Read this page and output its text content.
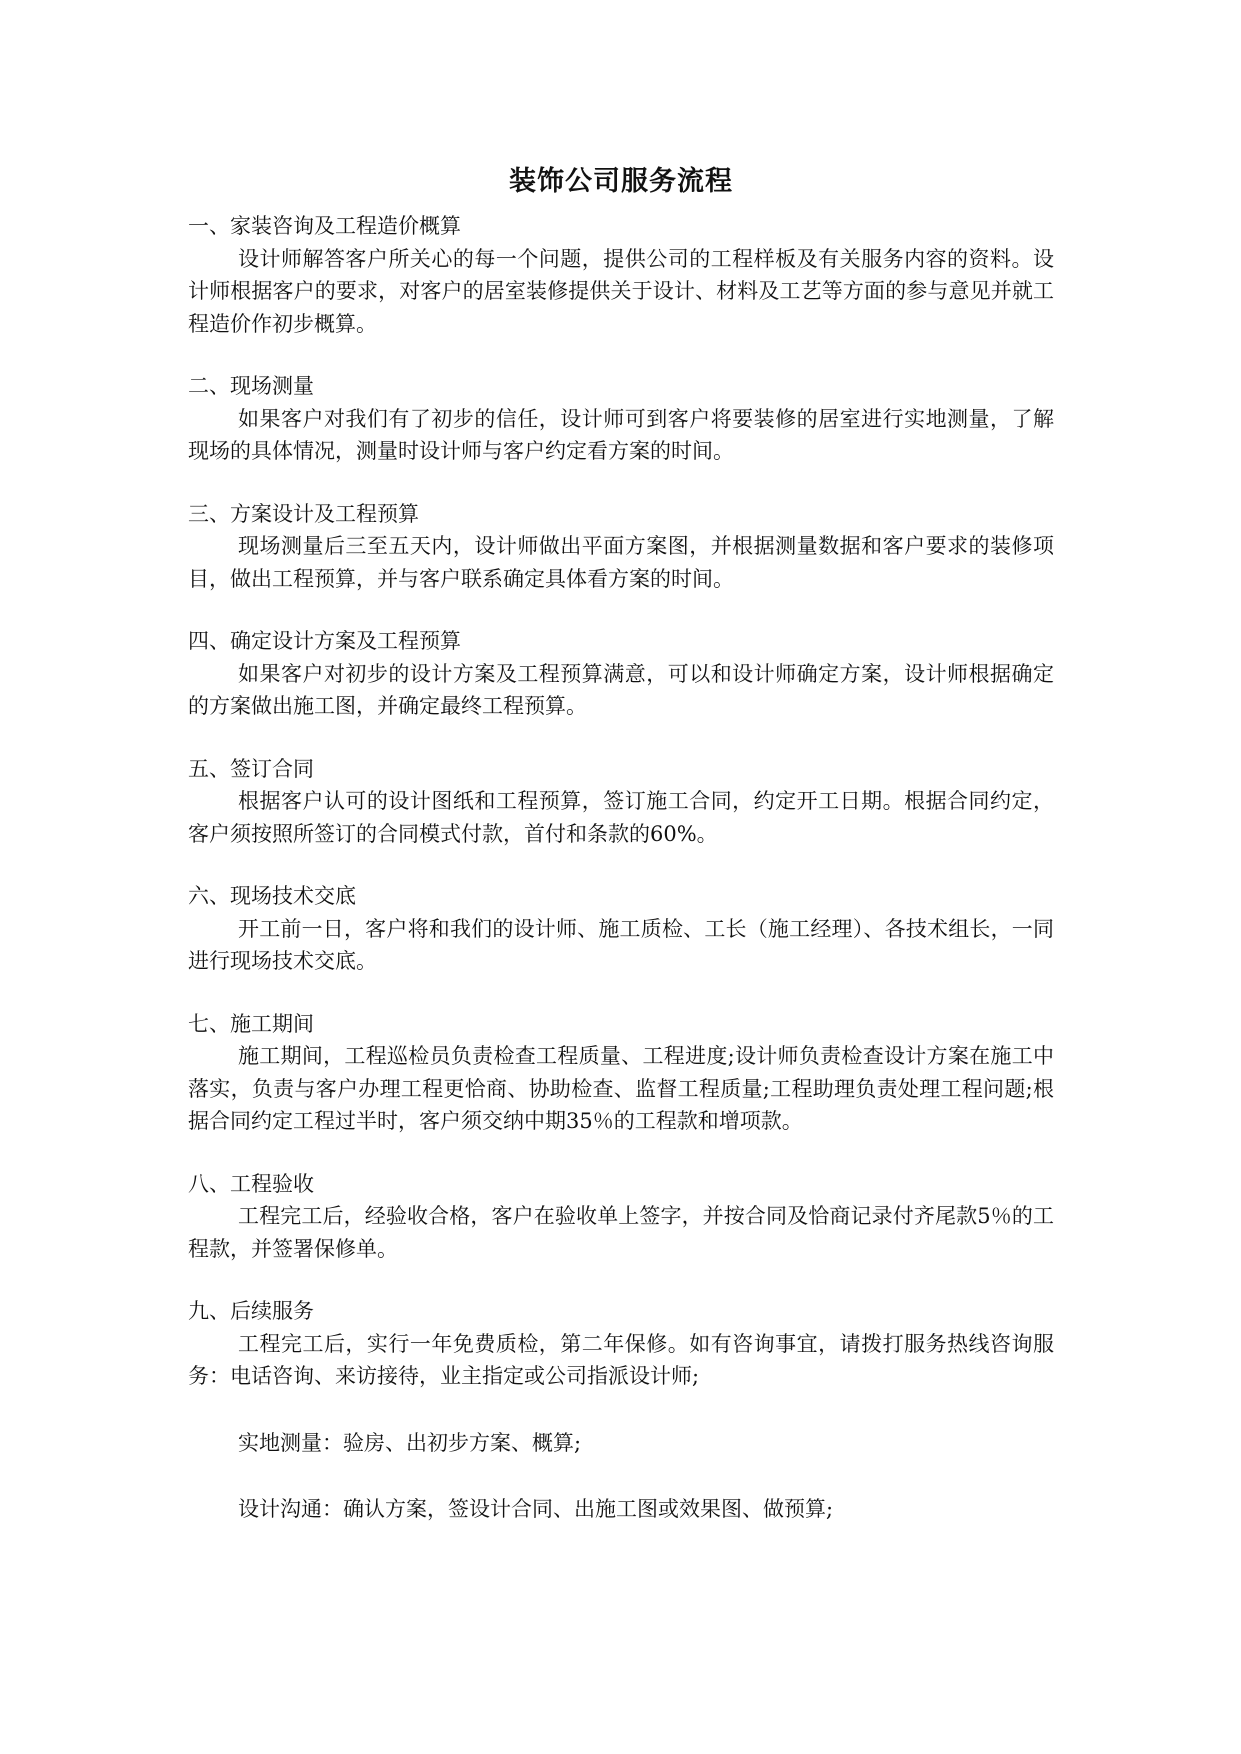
装饰公司服务流程
一、家装咨询及工程造价概算
设计师解答客户所关心的每一个问题，提供公司的工程样板及有关服务内容的资料。设计师根据客户的要求，对客户的居室装修提供关于设计、材料及工艺等方面的参与意见并就工程造价作初步概算。
二、现场测量
如果客户对我们有了初步的信任，设计师可到客户将要装修的居室进行实地测量，了解现场的具体情况，测量时设计师与客户约定看方案的时间。
三、方案设计及工程预算
现场测量后三至五天内，设计师做出平面方案图，并根据测量数据和客户要求的装修项目，做出工程预算，并与客户联系确定具体看方案的时间。
四、确定设计方案及工程预算
如果客户对初步的设计方案及工程预算满意，可以和设计师确定方案，设计师根据确定的方案做出施工图，并确定最终工程预算。
五、签订合同
根据客户认可的设计图纸和工程预算，签订施工合同，约定开工日期。根据合同约定，客户须按照所签订的合同模式付款，首付和条款的60%。
六、现场技术交底
开工前一日，客户将和我们的设计师、施工质检、工长（施工经理）、各技术组长，一同进行现场技术交底。
七、施工期间
施工期间，工程巡检员负责检查工程质量、工程进度;设计师负责检查设计方案在施工中落实，负责与客户办理工程更恰商、协助检查、监督工程质量;工程助理负责处理工程问题;根据合同约定工程过半时，客户须交纳中期35％的工程款和增项款。
八、工程验收
工程完工后，经验收合格，客户在验收单上签字，并按合同及恰商记录付齐尾款5％的工程款，并签署保修单。
九、后续服务
工程完工后，实行一年免费质检，第二年保修。如有咨询事宜，请拨打服务热线咨询服务：电话咨询、来访接待，业主指定或公司指派设计师;
实地测量：验房、出初步方案、概算;
设计沟通：确认方案，签设计合同、出施工图或效果图、做预算;
